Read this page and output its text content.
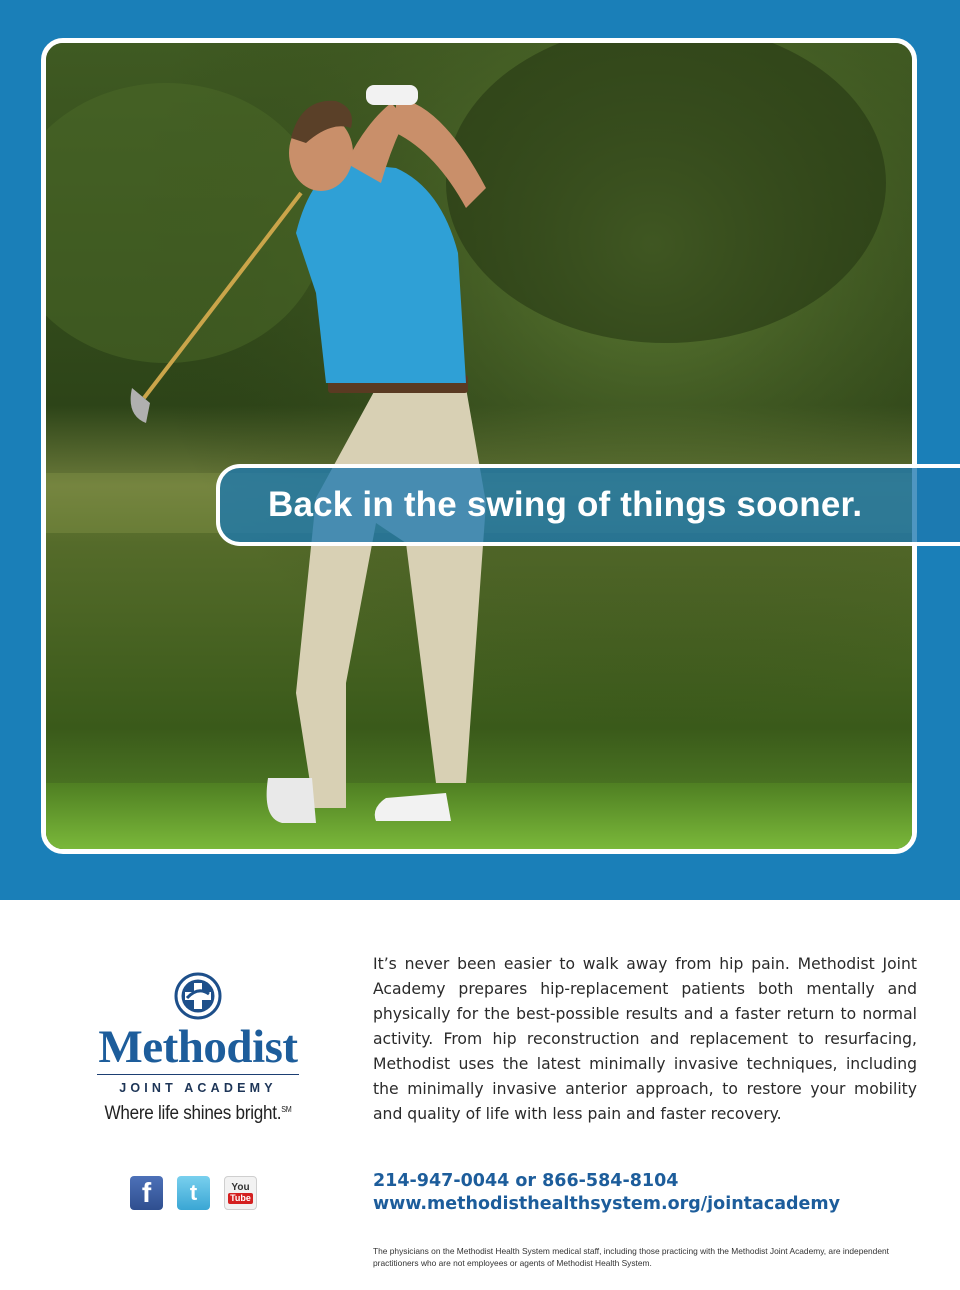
Back in the swing of things sooner.
Methodist
JOINT ACADEMY
Where life shines bright.℠
f t	You
Tube

It’s never been easier to walk away from hip pain. Methodist Joint Academy prepares hip-replacement patients both mentally and physically for the best-possible results and a faster return to normal activity. From hip reconstruction and replacement to resurfacing, Methodist uses the latest minimally invasive techniques, including the minimally invasive anterior approach, to restore your mobility and quality of life with less pain and faster recovery.

214-947-0044 or 866-584-8104
www.methodisthealthsystem.org/jointacademy

The physicians on the Methodist Health System medical staff, including those practicing with the Methodist Joint Academy, are independent practitioners who are not employees or agents of Methodist Health System.
